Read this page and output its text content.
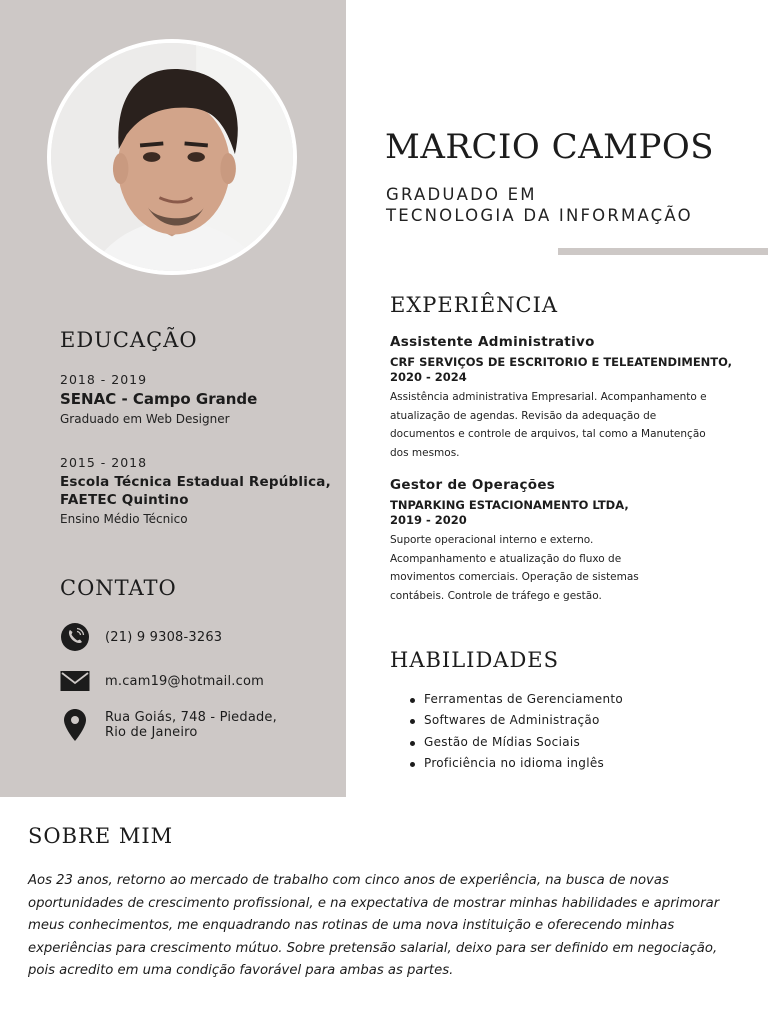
MARCIO CAMPOS
GRADUADO EM
TECNOLOGIA DA INFORMAÇÃO
EDUCAÇÃO
2018 - 2019
SENAC - Campo Grande
Graduado em Web Designer
2015 - 2018
Escola Técnica Estadual República,
FAETEC Quintino
Ensino Médio Técnico
CONTATO
(21) 9 9308-3263
m.cam19@hotmail.com
Rua Goiás, 748 - Piedade,
Rio de Janeiro
EXPERIÊNCIA
Assistente Administrativo
CRF SERVIÇOS DE ESCRITORIO E TELEATENDIMENTO,
2020 - 2024
Assistência administrativa Empresarial. Acompanhamento e
atualização de agendas. Revisão da adequação de
documentos e controle de arquivos, tal como a Manutenção
dos mesmos.
Gestor de Operações
TNPARKING ESTACIONAMENTO LTDA,
2019 - 2020
Suporte operacional interno e externo.
Acompanhamento e atualização do fluxo de
movimentos comerciais. Operação de sistemas
contábeis. Controle de tráfego e gestão.
HABILIDADES
Ferramentas de Gerenciamento
Softwares de Administração
Gestão de Mídias Sociais
Proficiência no idioma inglês
SOBRE MIM
Aos 23 anos, retorno ao mercado de trabalho com cinco anos de experiência, na busca de novas
oportunidades de crescimento profissional, e na expectativa de mostrar minhas habilidades e aprimorar
meus conhecimentos, me enquadrando nas rotinas de uma nova instituição e oferecendo minhas
experiências para crescimento mútuo. Sobre pretensão salarial, deixo para ser definido em negociação,
pois acredito em uma condição favorável para ambas as partes.
